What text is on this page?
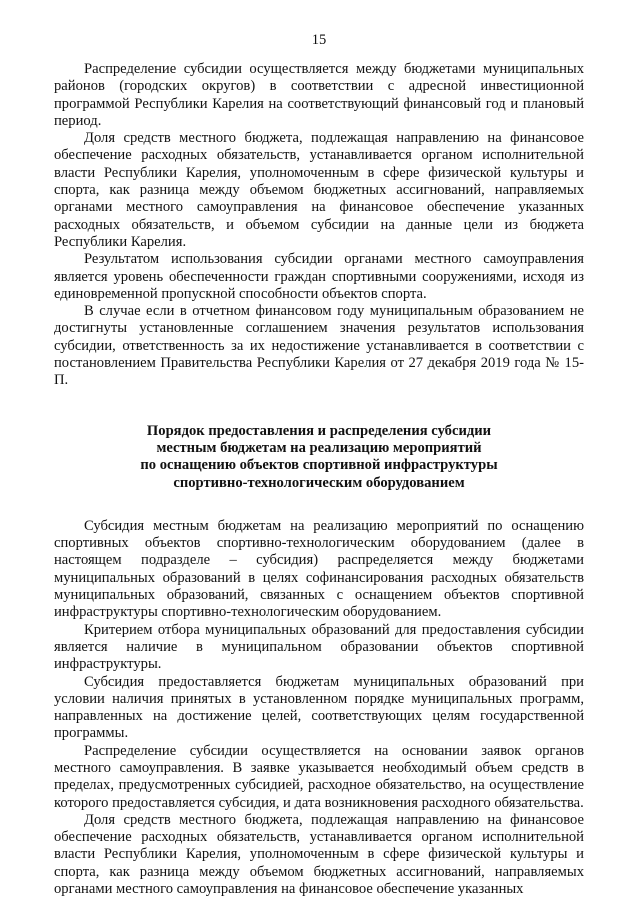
15

Распределение субсидии осуществляется между бюджетами муниципальных районов (городских округов) в соответствии с адресной инвестиционной программой Республики Карелия на соответствующий финансовый год и плановый период.

Доля средств местного бюджета, подлежащая направлению на финансовое обеспечение расходных обязательств, устанавливается органом исполнительной власти Республики Карелия, уполномоченным в сфере физической культуры и спорта, как разница между объемом бюджетных ассигнований, направляемых органами местного самоуправления на финансовое обеспечение указанных расходных обязательств, и объемом субсидии на данные цели из бюджета Республики Карелия.

Результатом использования субсидии органами местного самоуправления является уровень обеспеченности граждан спортивными сооружениями, исходя из единовременной пропускной способности объектов спорта.

В случае если в отчетном финансовом году муниципальным образованием не достигнуты установленные соглашением значения результатов использования субсидии, ответственность за их недостижение устанавливается в соответствии с постановлением Правительства Республики Карелия от 27 декабря 2019 года № 15-П.

Порядок предоставления и распределения субсидии
местным бюджетам на реализацию мероприятий
по оснащению объектов спортивной инфраструктуры
спортивно-технологическим оборудованием

Субсидия местным бюджетам на реализацию мероприятий по оснащению спортивных объектов спортивно-технологическим оборудованием (далее в настоящем подразделе – субсидия) распределяется между бюджетами муниципальных образований в целях софинансирования расходных обязательств муниципальных образований, связанных с оснащением объектов спортивной инфраструктуры спортивно-технологическим оборудованием.

Критерием отбора муниципальных образований для предоставления субсидии является наличие в муниципальном образовании объектов спортивной инфраструктуры.

Субсидия предоставляется бюджетам муниципальных образований при условии наличия принятых в установленном порядке муниципальных программ, направленных на достижение целей, соответствующих целям государственной программы.

Распределение субсидии осуществляется на основании заявок органов местного самоуправления. В заявке указывается необходимый объем средств в пределах, предусмотренных субсидией, расходное обязательство, на осуществление которого предоставляется субсидия, и дата возникновения расходного обязательства.

Доля средств местного бюджета, подлежащая направлению на финансовое обеспечение расходных обязательств, устанавливается органом исполнительной власти Республики Карелия, уполномоченным в сфере физической культуры и спорта, как разница между объемом бюджетных ассигнований, направляемых органами местного самоуправления на финансовое обеспечение указанных
